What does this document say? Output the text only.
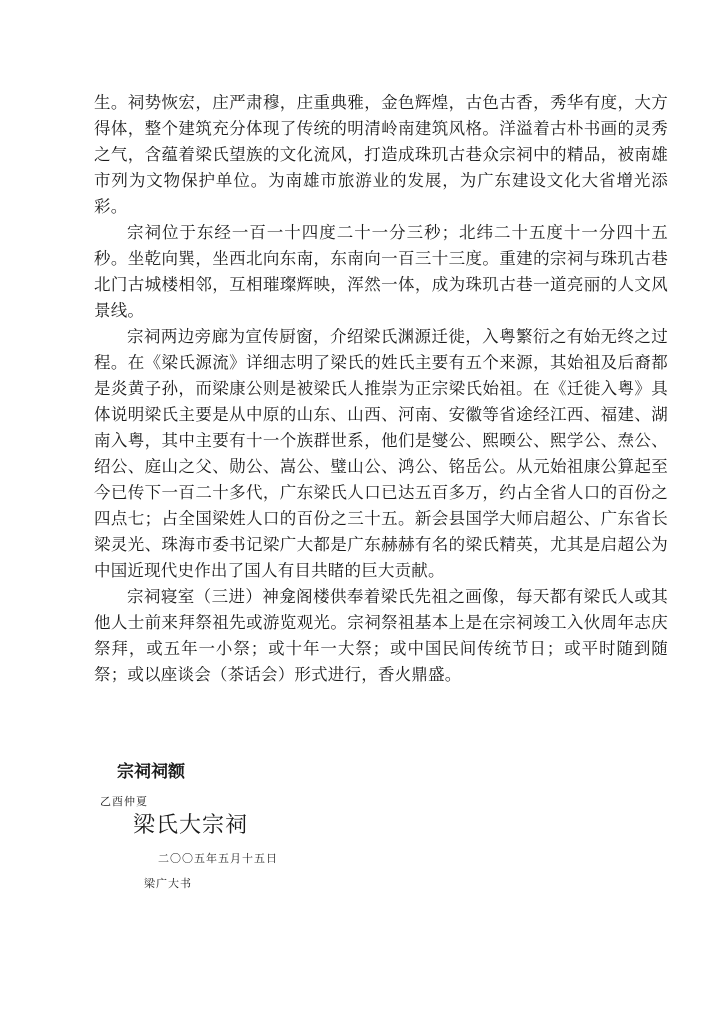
生。祠势恢宏，庄严肃穆，庄重典雅，金色辉煌，古色古香，秀华有度，大方得体，整个建筑充分体现了传统的明清岭南建筑风格。洋溢着古朴书画的灵秀之气，含蕴着梁氏望族的文化流风，打造成珠玑古巷众宗祠中的精品，被南雄市列为文物保护单位。为南雄市旅游业的发展，为广东建设文化大省增光添彩。

宗祠位于东经一百一十四度二十一分三秒；北纬二十五度十一分四十五秒。坐乾向巽，坐西北向东南，东南向一百三十三度。重建的宗祠与珠玑古巷北门古城楼相邻，互相璀璨辉映，浑然一体，成为珠玑古巷一道亮丽的人文风景线。

宗祠两边旁廊为宣传厨窗，介绍梁氏渊源迁徙，入粤繁衍之有始无终之过程。在《梁氏源流》详细志明了梁氏的姓氏主要有五个来源，其始祖及后裔都是炎黄子孙，而梁康公则是被梁氏人推崇为正宗梁氏始祖。在《迁徙入粤》具体说明梁氏主要是从中原的山东、山西、河南、安徽等省途经江西、福建、湖南入粤，其中主要有十一个族群世系，他们是燮公、熙㬉公、熙学公、焘公、绍公、庭山之父、勋公、嵩公、璧山公、鸿公、铭岳公。从元始祖康公算起至今已传下一百二十多代，广东梁氏人口已达五百多万，约占全省人口的百份之四点七；占全国梁姓人口的百份之三十五。新会县国学大师启超公、广东省长梁灵光、珠海市委书记梁广大都是广东赫赫有名的梁氏精英，尤其是启超公为中国近现代史作出了国人有目共睹的巨大贡献。

宗祠寝室（三进）神龛阁楼供奉着梁氏先祖之画像，每天都有梁氏人或其他人士前来拜祭祖先或游览观光。宗祠祭祖基本上是在宗祠竣工入伙周年志庆祭拜，或五年一小祭；或十年一大祭；或中国民间传统节日；或平时随到随祭；或以座谈会（茶话会）形式进行，香火鼎盛。

宗祠祠额
乙酉仲夏
梁氏大宗祠
二〇〇五年五月十五日
梁广大书
